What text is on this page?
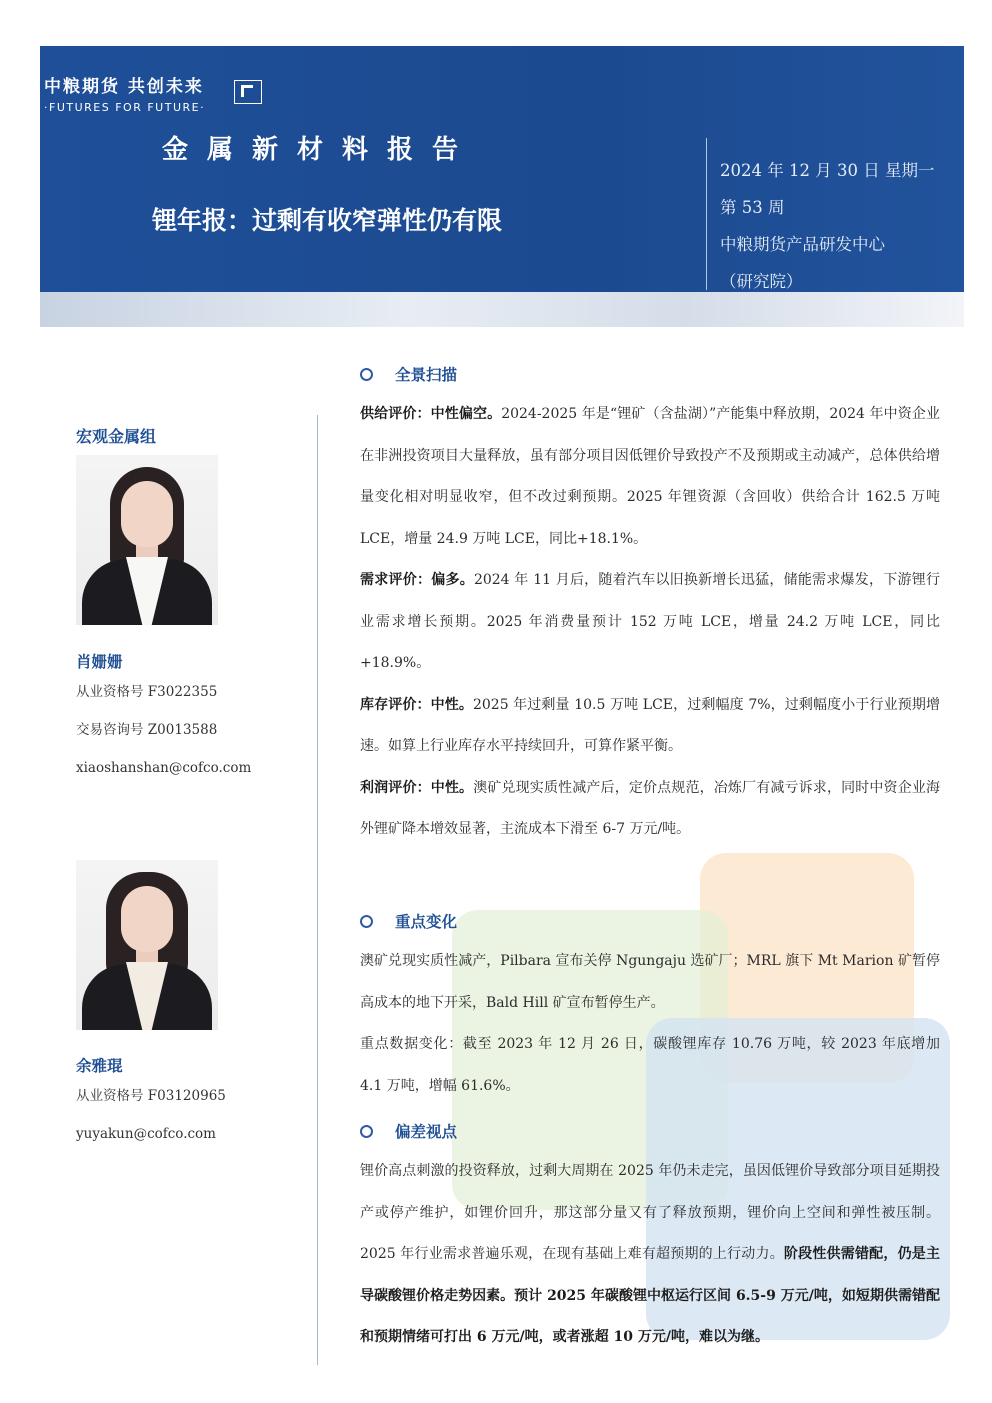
中粮期货 共创未来
·FUTURES FOR FUTURE·
金属新材料报告
锂年报：过剩有收窄弹性仍有限
2024 年 12 月 30 日 星期一
第 53 周
中粮期货产品研发中心
（研究院）
宏观金属组
肖姗姗
从业资格号 F3022355
交易咨询号 Z0013588
xiaoshanshan@cofco.com
余雅琨
从业资格号 F03120965
yuyakun@cofco.com
全景扫描
供给评价：中性偏空。2024-2025 年是“锂矿（含盐湖）”产能集中释放期，2024 年中资企业在非洲投资项目大量释放，虽有部分项目因低锂价导致投产不及预期或主动减产，总体供给增量变化相对明显收窄，但不改过剩预期。2025 年锂资源（含回收）供给合计 162.5 万吨 LCE，增量 24.9 万吨 LCE，同比+18.1%。
需求评价：偏多。2024 年 11 月后，随着汽车以旧换新增长迅猛，储能需求爆发，下游锂行业需求增长预期。2025 年消费量预计 152 万吨 LCE，增量 24.2 万吨 LCE，同比+18.9%。
库存评价：中性。2025 年过剩量 10.5 万吨 LCE，过剩幅度 7%，过剩幅度小于行业预期增速。如算上行业库存水平持续回升，可算作紧平衡。
利润评价：中性。澳矿兑现实质性减产后，定价点规范，冶炼厂有减亏诉求，同时中资企业海外锂矿降本增效显著，主流成本下滑至 6-7 万元/吨。
重点变化
澳矿兑现实质性减产，Pilbara 宣布关停 Ngungaju 选矿厂；MRL 旗下 Mt Marion 矿暂停高成本的地下开采，Bald Hill 矿宣布暂停生产。
重点数据变化：截至 2023 年 12 月 26 日，碳酸锂库存 10.76 万吨，较 2023 年底增加 4.1 万吨，增幅 61.6%。
偏差视点
锂价高点刺激的投资释放，过剩大周期在 2025 年仍未走完，虽因低锂价导致部分项目延期投产或停产维护，如锂价回升，那这部分量又有了释放预期，锂价向上空间和弹性被压制。2025 年行业需求普遍乐观，在现有基础上难有超预期的上行动力。阶段性供需错配，仍是主导碳酸锂价格走势因素。预计 2025 年碳酸锂中枢运行区间 6.5-9 万元/吨，如短期供需错配和预期情绪可打出 6 万元/吨，或者涨超 10 万元/吨，难以为继。
